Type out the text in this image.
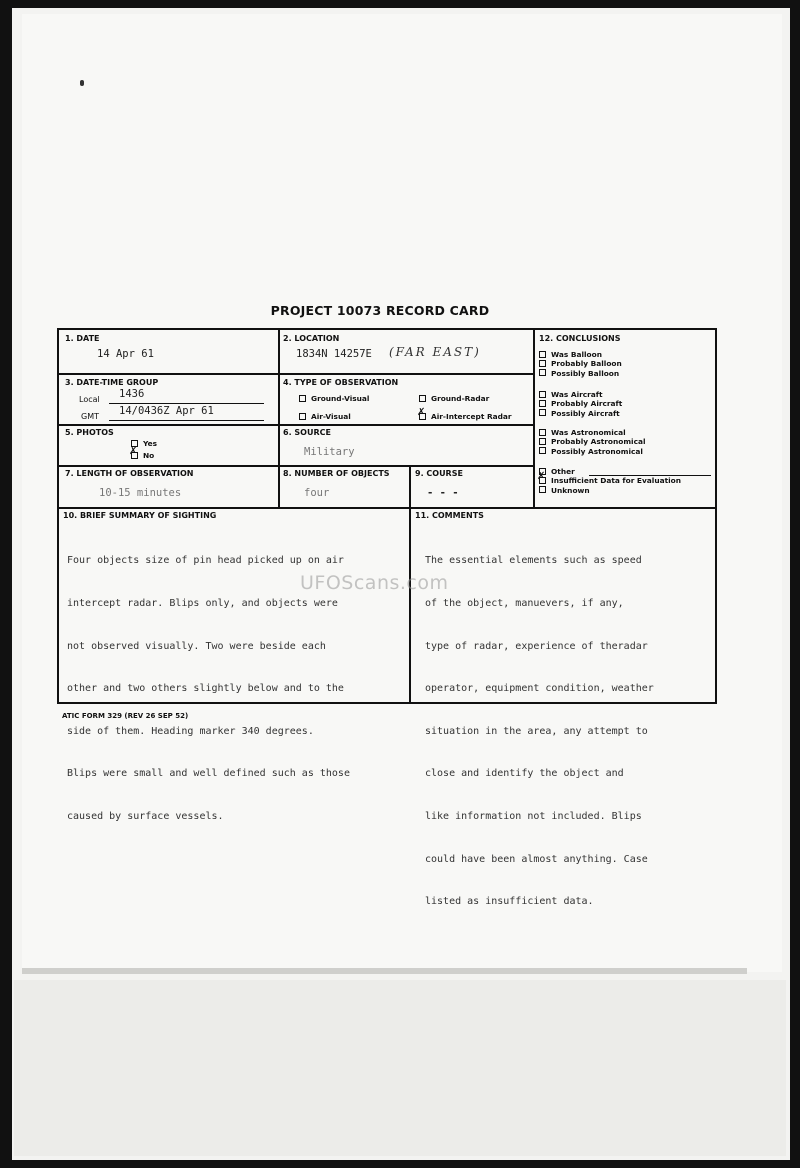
PROJECT 10073 RECORD CARD
1. DATE
14 Apr 61
2. LOCATION
1834N 14257E (FAR EAST)
3. DATE-TIME GROUP
Local 1436
GMT 14/0436Z Apr 61
4. TYPE OF OBSERVATION
Ground-Visual	Ground-Radar
Air-Visual
✗	Air-Intercept Radar
5. PHOTOS
Yes
✗No
6. SOURCE
Military
7. LENGTH OF OBSERVATION
10-15 minutes
8. NUMBER OF OBJECTS
four
9. COURSE
- - -
12. CONCLUSIONS
Was Balloon
Probably Balloon
Possibly Balloon
Was Aircraft
Probably Aircraft
Possibly Aircraft
Was Astronomical
Probably Astronomical
Possibly Astronomical
Other
✗Insufficient Data for Evaluation
Unknown
10. BRIEF SUMMARY OF SIGHTING

Four objects size of pin head picked up on air

intercept radar. Blips only, and objects were

not observed visually. Two were beside each

other and two others slightly below and to the

side of them. Heading marker 340 degrees.

Blips were small and well defined such as those

caused by surface vessels.

11. COMMENTS

The essential elements such as speed

of the object, manuevers, if any,

type of radar, experience of theradar

operator, equipment condition, weather

situation in the area, any attempt to

close and identify the object and

like information not included. Blips

could have been almost anything. Case

listed as insufficient data.

UFOScans.com
ATIC FORM 329 (REV 26 SEP 52)
